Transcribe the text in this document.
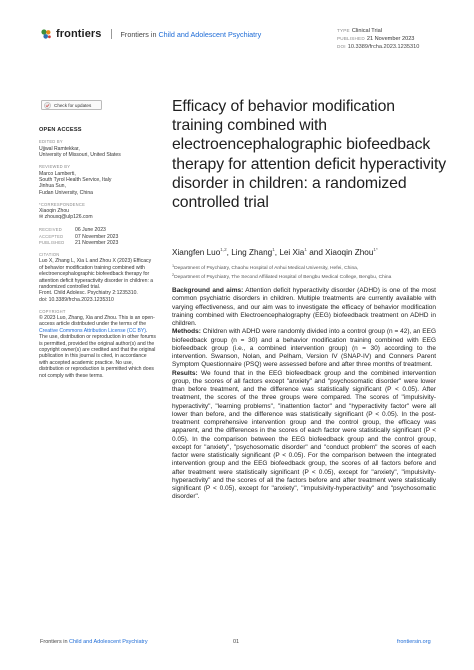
frontiers	Frontiers in Child and Adolescent Psychiatry	TYPE Clinical Trial
PUBLISHED 21 November 2023
DOI 10.3389/frcha.2023.1235310
Check for updates
OPEN ACCESS
EDITED BY
Ujjwal Ramtekkar,
University of Missouri, United States
REVIEWED BY
Marco Lamberti,
South Tyrol Health Service, Italy
Jinhua Sun,
Fudan University, China
*CORRESPONDENCE
Xiaoqin Zhou
✉ zhouxq@ulp126.com
RECEIVED	06 June 2023
ACCEPTED	07 November 2023
PUBLISHED	21 November 2023
CITATION
Luo X, Zhang L, Xia L and Zhou X (2023) Efficacy of behavior modification training combined with electroencephalographic biofeedback therapy for attention deficit hyperactivity disorder in children: a randomized controlled trial.
Front. Child Adolesc. Psychiatry 2:1235310.
doi: 10.3389/frcha.2023.1235310
COPYRIGHT
© 2023 Luo, Zhang, Xia and Zhou. This is an open-access article distributed under the terms of the Creative Commons Attribution License (CC BY). The use, distribution or reproduction in other forums is permitted, provided the original author(s) and the copyright owner(s) are credited and that the original publication in this journal is cited, in accordance with accepted academic practice. No use, distribution or reproduction is permitted which does not comply with these terms.
Efficacy of behavior modification training combined with electroencephalographic biofeedback therapy for attention deficit hyperactivity disorder in children: a randomized controlled trial
Xiangfen Luo$^{1,2}$, Ling Zhang$^1$, Lei Xia$^1$ and Xiaoqin Zhou$^{1*}$
$^1$Department of Psychiatry, Chaohu Hospital of Anhui Medical University, Hefei, China,
$^2$Department of Psychiatry, The Second Affiliated Hospital of Bengbu Medical College, Bengbu, China

Background and aims: Attention deficit hyperactivity disorder (ADHD) is one of the most common psychiatric disorders in children. Multiple treatments are currently available with varying effectiveness, and our aim was to investigate the efficacy of behavior modification training combined with Electroencephalography (EEG) biofeedback treatment on ADHD in children.

Methods: Children with ADHD were randomly divided into a control group (n = 42), an EEG biofeedback group (n = 30) and a behavior modification training combined with EEG biofeedback group (i.e., a combined intervention group) (n = 30) according to the intervention. Swanson, Nolan, and Pelham, Version IV (SNAP-IV) and Conners Parent Symptom Questionnaire (PSQ) were assessed before and after three months of treatment.

Results: We found that in the EEG biofeedback group and the combined intervention group, the scores of all factors except "anxiety" and "psychosomatic disorder" were lower than before treatment, and the difference was statistically significant (P < 0.05). After treatment, the scores of the three groups were compared. The scores of "impulsivity-hyperactivity", "learning problems", "inattention factor" and "hyperactivity factor" were all lower than before, and the difference was statistically significant (P < 0.05). In the post-treatment comprehensive intervention group and the control group, the efficacy was apparent, and the differences in the scores of each factor were statistically significant (P < 0.05). In the comparison between the EEG biofeedback group and the control group, except for "anxiety", "psychosomatic disorder" and "conduct problem" the scores of each factor were statistically significant (P < 0.05). For the comparison between the integrated intervention group and the EEG biofeedback group, the scores of all factors before and after treatment were statistically significant (P < 0.05), except for "anxiety", "impulsivity-hyperactivity" and the scores of all the factors before and after treatment were statistically significant (P < 0.05), except for "anxiety", "impulsivity-hyperactivity" and "psychosomatic disorder".

Frontiers in Child and Adolescent Psychiatry	01	frontiersin.org
